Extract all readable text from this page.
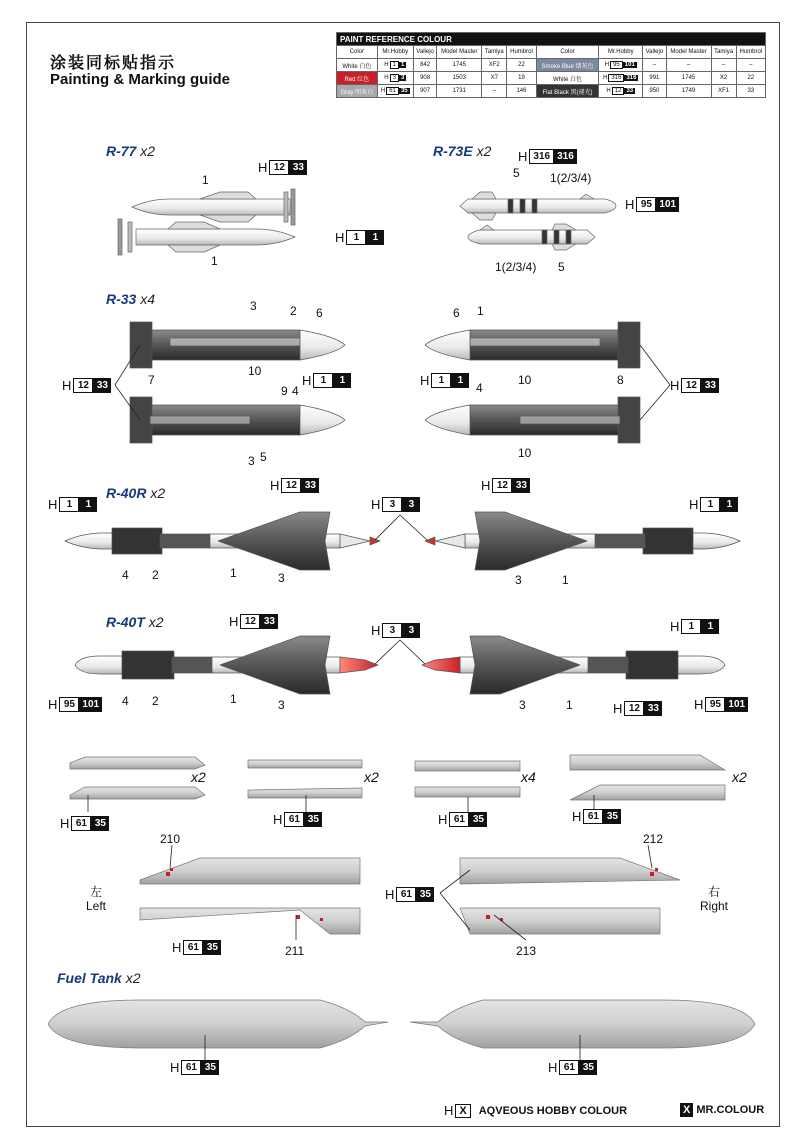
涂装同标贴指示
Painting & Marking guide
PAINT REFERENCE COLOUR											
Color	Mr.Hobby	Vallejo	Model Master	Tamiya	Humbrol	Color	Mr.Hobby	Vallejo	Model Master	Tamiya	Humbrol
White 白色	H 1 1	842	1745	XF2	22	Smoke Blue 烟灰色	H 95 101	–	–	–	–
Red 红色	H 3 3	908	1503	X7	19	White 白色	H 316 316	991	1745	X2	22
Gray 明灰白	H 61 35	907	1731	–	146	Flat Black 黑(褪光)	H 12 33	950	1749	XF1	33
R-77 x2	R-73E x2
R-33 x4
R-40R x2
R-40T x2
Fuel Tank x2
1
1
5	1(2/3/4)
1(2/3/4) 5
3	2 6
7
10
9 4
3 5
6 1
10	8
4
10
4 2	1	3	3	1
4 2	1	3	3	1
x2	x2	x4	x2
210
211
212
213
左
Left
右
Right
H 12 33
H 1	1
H 316 316
H 95 101
H 12 33	H 1	1	H 1	1	H 12 33
H 1	1
H 12 33
H 3	3
H 12 33
H 1	1
H 12 33
H 3	3	H 1	1
H 95 101	H 12 33	H 95 101
H 61 35	H 61 35	H 61 35	H 61 35
H 61 35
H 61 35
H 61 35	H 61 35
H X	AQVEOUS HOBBY COLOUR	X MR.COLOUR
